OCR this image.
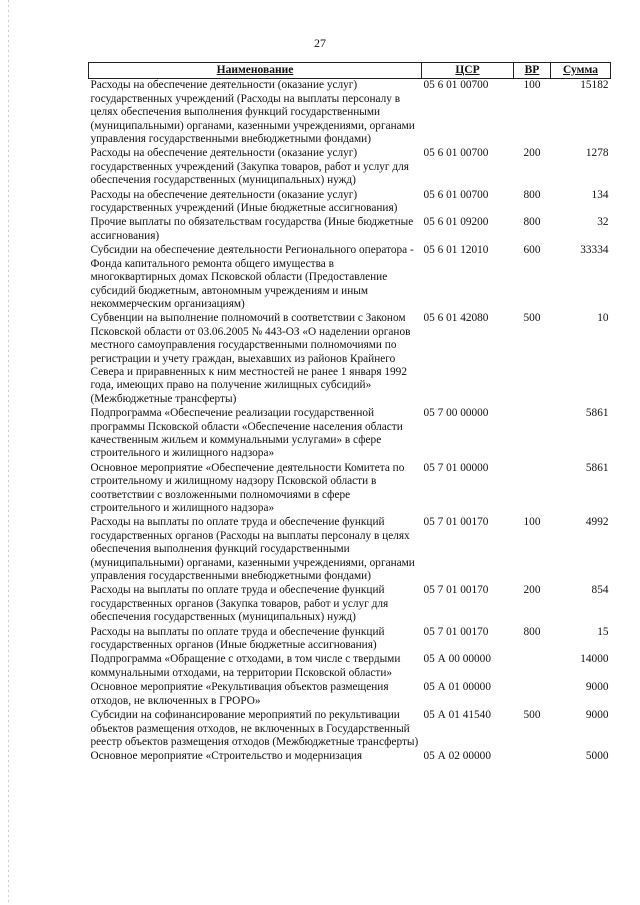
27
Наименование	ЦСР	ВР	Сумма
Расходы на обеспечение деятельности (оказание услуг) государственных учреждений (Расходы на выплаты персоналу в целях обеспечения выполнения функций государственными (муниципальными) органами, казенными учреждениями, органами управления государственными внебюджетными фондами)	05 6 01 00700	100	15182
Расходы на обеспечение деятельности (оказание услуг) государственных учреждений (Закупка товаров, работ и услуг для обеспечения государственных (муниципальных) нужд)	05 6 01 00700	200	1278
Расходы на обеспечение деятельности (оказание услуг) государственных учреждений (Иные бюджетные ассигнования)	05 6 01 00700	800	134
Прочие выплаты по обязательствам государства (Иные бюджетные ассигнования)	05 6 01 09200	800	32
Субсидии на обеспечение деятельности Регионального оператора - Фонда капитального ремонта общего имущества в многоквартирных домах Псковской области (Предоставление субсидий бюджетным, автономным учреждениям и иным некоммерческим организациям)	05 6 01 12010	600	33334
Субвенции на выполнение полномочий в соответствии с Законом Псковской области от 03.06.2005 № 443-ОЗ «О наделении органов местного самоуправления государственными полномочиями по регистрации и учету граждан, выехавших из районов Крайнего Севера и приравненных к ним местностей не ранее 1 января 1992 года, имеющих право на получение жилищных субсидий» (Межбюджетные трансферты)	05 6 01 42080	500	10
Подпрограмма «Обеспечение реализации государственной программы Псковской области «Обеспечение населения области качественным жильем и коммунальными услугами» в сфере строительного и жилищного надзора»	05 7 00 00000		5861
Основное мероприятие «Обеспечение деятельности Комитета по строительному и жилищному надзору Псковской области в соответствии с возложенными полномочиями в сфере строительного и жилищного надзора»	05 7 01 00000		5861
Расходы на выплаты по оплате труда и обеспечение функций государственных органов (Расходы на выплаты персоналу в целях обеспечения выполнения функций государственными (муниципальными) органами, казенными учреждениями, органами управления государственными внебюджетными фондами)	05 7 01 00170	100	4992
Расходы на выплаты по оплате труда и обеспечение функций государственных органов (Закупка товаров, работ и услуг для обеспечения государственных (муниципальных) нужд)	05 7 01 00170	200	854
Расходы на выплаты по оплате труда и обеспечение функций государственных органов (Иные бюджетные ассигнования)	05 7 01 00170	800	15
Подпрограмма «Обращение с отходами, в том числе с твердыми коммунальными отходами, на территории Псковской области»	05 А 00 00000		14000
Основное мероприятие «Рекультивация объектов размещения отходов, не включенных в ГРОРО»	05 А 01 00000		9000
Субсидии на софинансирование мероприятий по рекультивации объектов размещения отходов, не включенных в Государственный реестр объектов размещения отходов (Межбюджетные трансферты)	05 А 01 41540	500	9000
Основное мероприятие «Строительство и модернизация	05 А 02 00000		5000
